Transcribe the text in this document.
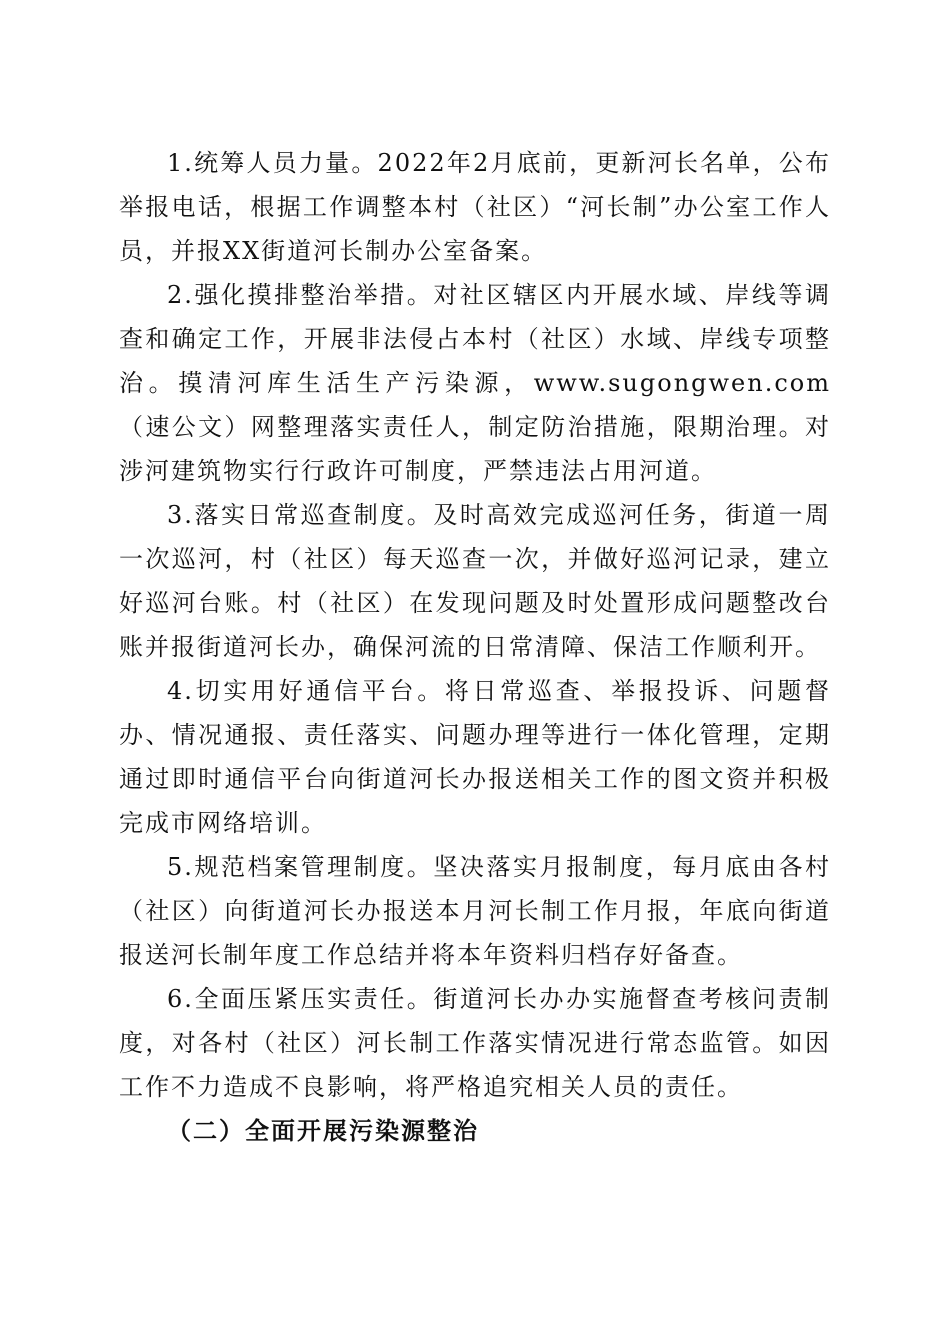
1.统筹人员力量。2022年2月底前，更新河长名单，公布举报电话，根据工作调整本村（社区）“河长制”办公室工作人员，并报XX街道河长制办公室备案。

2.强化摸排整治举措。对社区辖区内开展水域、岸线等调查和确定工作，开展非法侵占本村（社区）水域、岸线专项整治。摸清河库生活生产污染源，www.sugongwen.com（速公文）网整理落实责任人，制定防治措施，限期治理。对涉河建筑物实行行政许可制度，严禁违法占用河道。

3.落实日常巡查制度。及时高效完成巡河任务，街道一周一次巡河，村（社区）每天巡查一次，并做好巡河记录，建立好巡河台账。村（社区）在发现问题及时处置形成问题整改台账并报街道河长办，确保河流的日常清障、保洁工作顺利开。

4.切实用好通信平台。将日常巡查、举报投诉、问题督办、情况通报、责任落实、问题办理等进行一体化管理，定期通过即时通信平台向街道河长办报送相关工作的图文资并积极完成市网络培训。

5.规范档案管理制度。坚决落实月报制度，每月底由各村（社区）向街道河长办报送本月河长制工作月报，年底向街道报送河长制年度工作总结并将本年资料归档存好备查。

6.全面压紧压实责任。街道河长办办实施督查考核问责制度，对各村（社区）河长制工作落实情况进行常态监管。如因工作不力造成不良影响，将严格追究相关人员的责任。

（二）全面开展污染源整治
